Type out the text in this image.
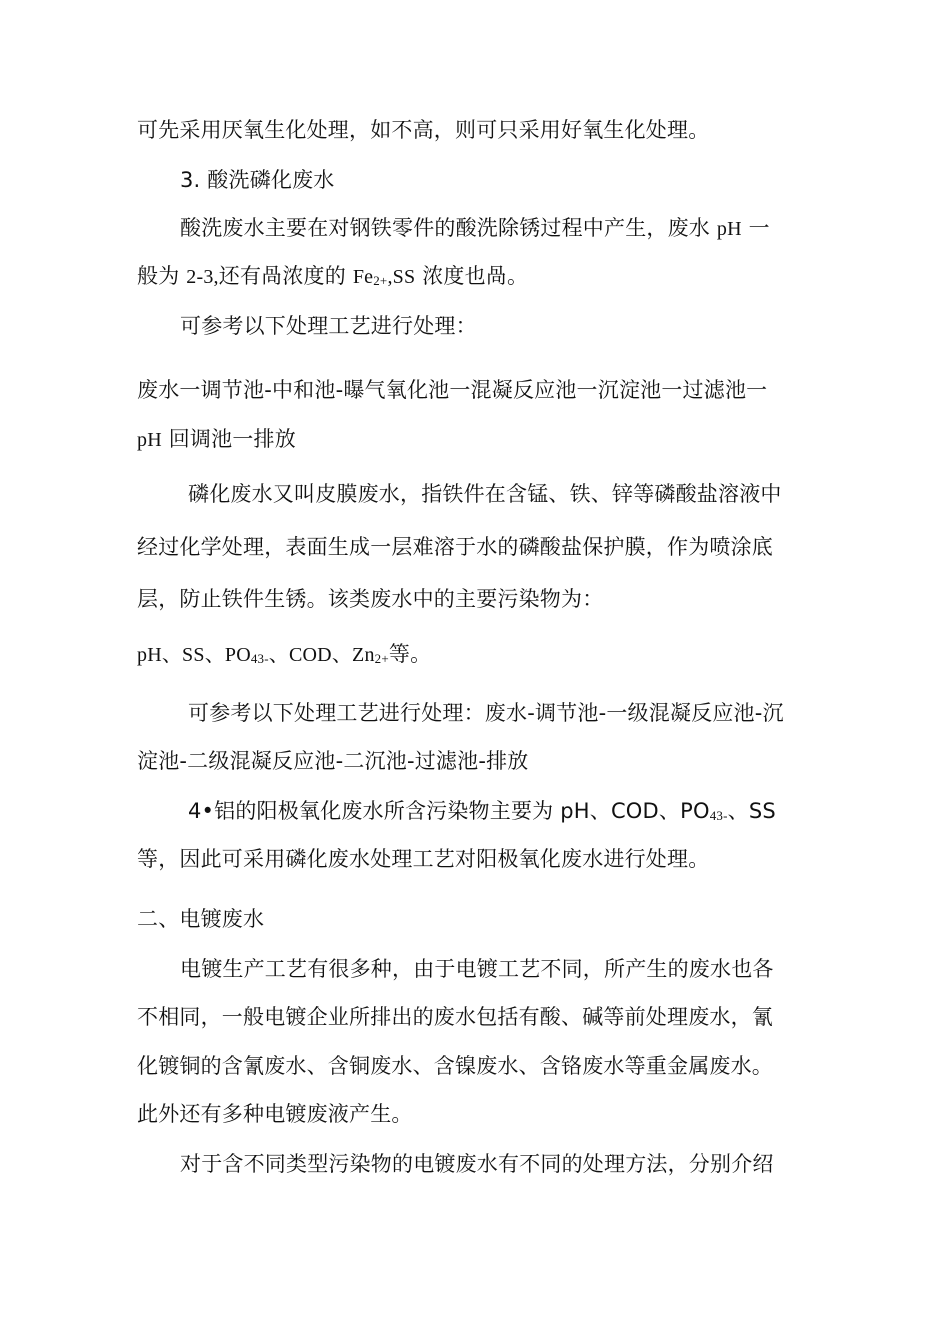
可先采用厌氧生化处理，如不高，则可只采用好氧生化处理。
3. 酸洗磷化废水
酸洗废水主要在对钢铁零件的酸洗除锈过程中产生，废水 pH 一
般为 2-3,还有咼浓度的 Fe2+,SS 浓度也咼。
可参考以下处理工艺进行处理：
废水一调节池-中和池-曝气氧化池一混凝反应池一沉淀池一过滤池一
pH 回调池一排放
磷化废水又叫皮膜废水，指铁件在含锰、铁、锌等磷酸盐溶液中
经过化学处理，表面生成一层难溶于水的磷酸盐保护膜，作为喷涂底
层，防止铁件生锈。该类废水中的主要污染物为：
pH、SS、PO43-、COD、Zn2+等。
可参考以下处理工艺进行处理：废水-调节池-一级混凝反应池-沉
淀池-二级混凝反应池-二沉池-过滤池-排放
4•铝的阳极氧化废水所含污染物主要为 pH、COD、PO43-、SS
等，因此可采用磷化废水处理工艺对阳极氧化废水进行处理。
二、电镀废水
电镀生产工艺有很多种，由于电镀工艺不同，所产生的废水也各
不相同，一般电镀企业所排出的废水包括有酸、碱等前处理废水，氰
化镀铜的含氰废水、含铜废水、含镍废水、含铬废水等重金属废水。
此外还有多种电镀废液产生。
对于含不同类型污染物的电镀废水有不同的处理方法，分别介绍
